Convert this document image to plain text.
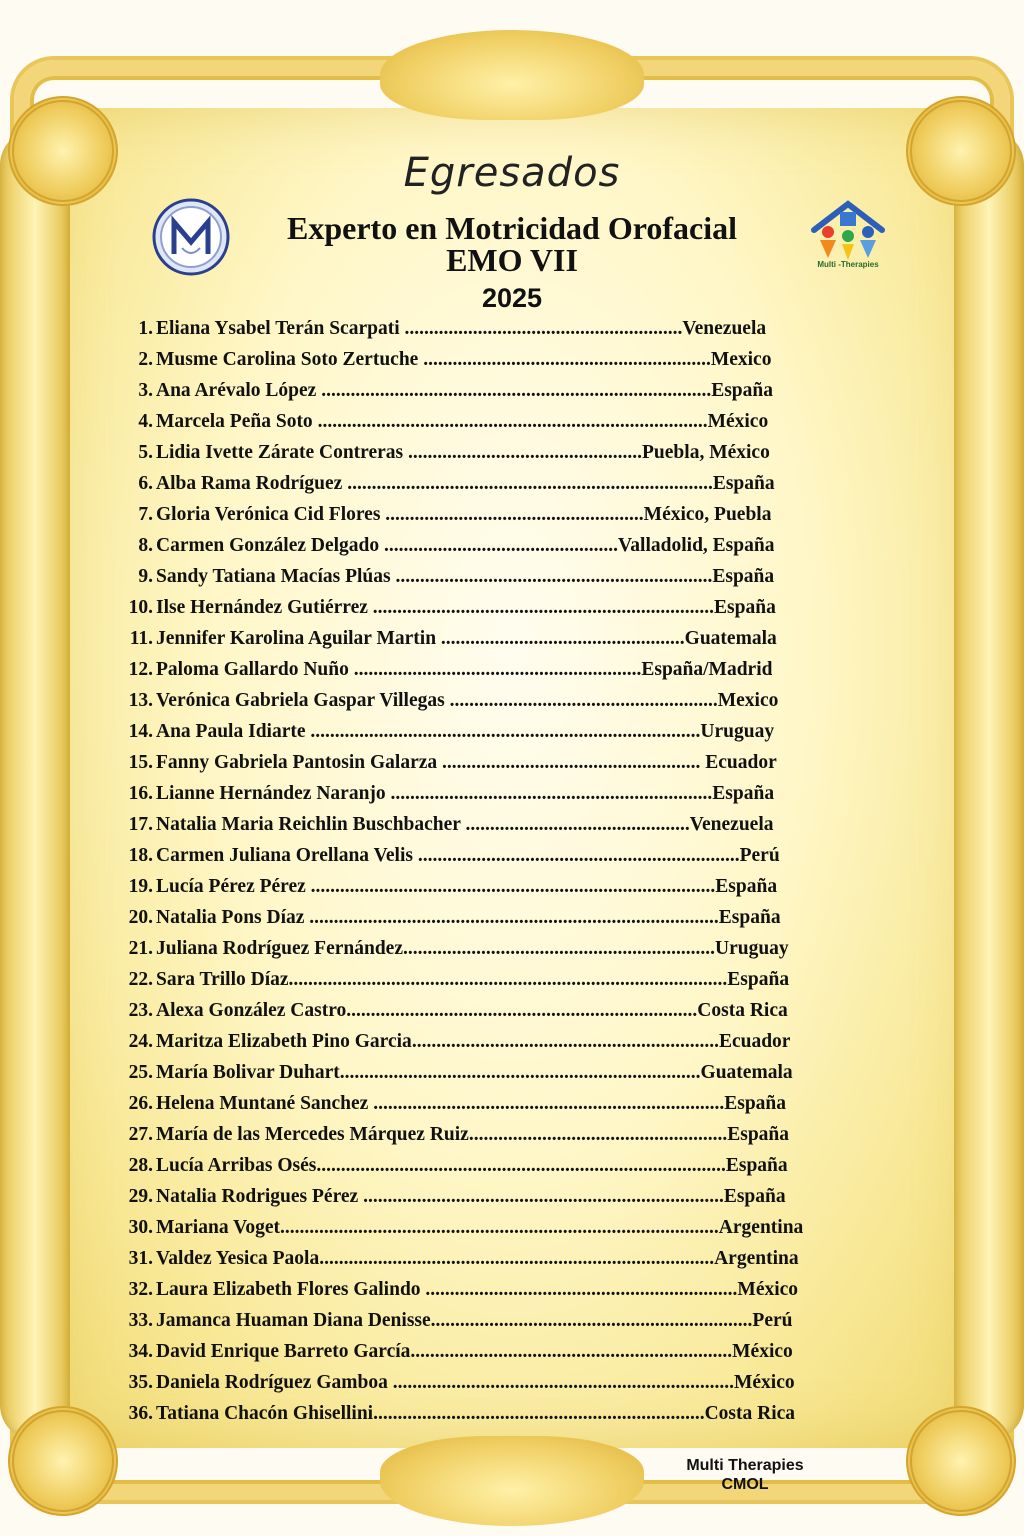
Egresados
Experto en Motricidad Orofacial
EMO VII
2025
Multi -Therapies
1. Eliana Ysabel Terán Scarpati .........................................................Venezuela
2. Musme Carolina Soto Zertuche ...........................................................Mexico
3. Ana Arévalo López ................................................................................España
4. Marcela Peña Soto ................................................................................México
5. Lidia Ivette Zárate Contreras ................................................Puebla, México
6. Alba Rama Rodríguez ...........................................................................España
7. Gloria Verónica Cid Flores .....................................................México, Puebla
8. Carmen González Delgado ................................................Valladolid, España
9. Sandy Tatiana Macías Plúas .................................................................España
10. Ilse Hernández Gutiérrez ......................................................................España
11. Jennifer Karolina Aguilar Martin ..................................................Guatemala
12. Paloma Gallardo Nuño ...........................................................España/Madrid
13. Verónica Gabriela Gaspar Villegas .......................................................Mexico
14. Ana Paula Idiarte ................................................................................Uruguay
15. Fanny Gabriela Pantosin Galarza ..................................................... Ecuador
16. Lianne Hernández Naranjo ..................................................................España
17. Natalia Maria Reichlin Buschbacher ..............................................Venezuela
18. Carmen Juliana Orellana Velis ..................................................................Perú
19. Lucía Pérez Pérez ...................................................................................España
20. Natalia Pons Díaz ....................................................................................España
21. Juliana Rodríguez Fernández................................................................Uruguay
22. Sara Trillo Díaz..........................................................................................España
23. Alexa González Castro........................................................................Costa Rica
24. Maritza Elizabeth Pino Garcia...............................................................Ecuador
25. María Bolivar Duhart..........................................................................Guatemala
26. Helena Muntané Sanchez ........................................................................España
27. María de las Mercedes Márquez Ruiz.....................................................España
28. Lucía Arribas Osés....................................................................................España
29. Natalia Rodrigues Pérez ..........................................................................España
30. Mariana Voget..........................................................................................Argentina
31. Valdez Yesica Paola.................................................................................Argentina
32. Laura Elizabeth Flores Galindo ................................................................México
33. Jamanca Huaman Diana Denisse..................................................................Perú
34. David Enrique Barreto García..................................................................México
35. Daniela Rodríguez Gamboa ......................................................................México
36. Tatiana Chacón Ghisellini....................................................................Costa Rica
Multi Therapies
CMOL
